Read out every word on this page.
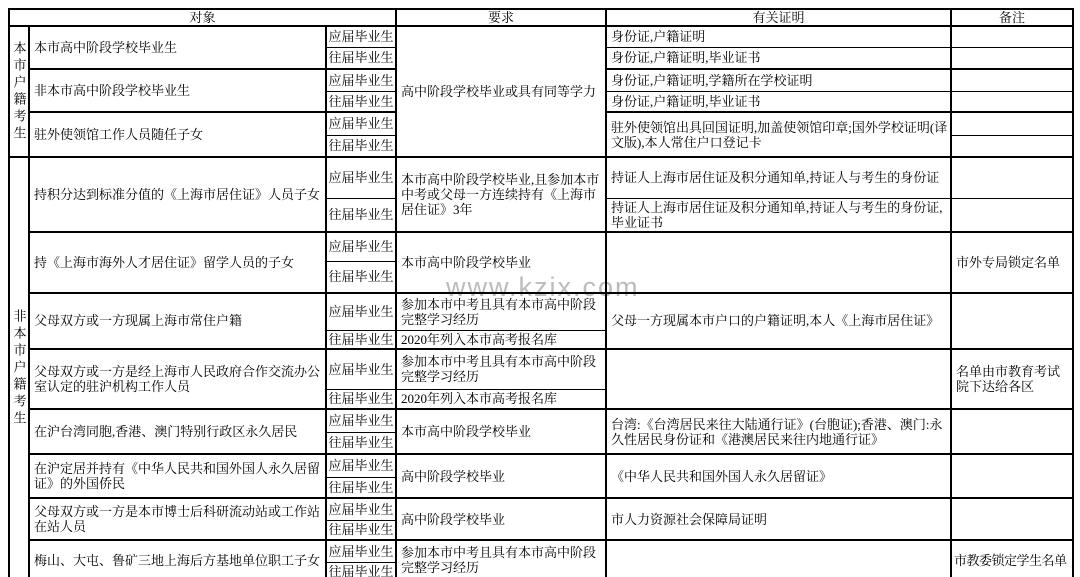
www.kzix.com
对象			要求	有关证明	备注
本市户籍考生	本市高中阶段学校毕业生	应届毕业生	高中阶段学校毕业或具有同等学力	身份证,户籍证明	
		往届毕业生		身份证,户籍证明,毕业证书	
	非本市高中阶段学校毕业生	应届毕业生		身份证,户籍证明,学籍所在学校证明	
		往届毕业生		身份证,户籍证明,毕业证书	
	驻外使领馆工作人员随任子女	应届毕业生		驻外使领馆出具回国证明,加盖使领馆印章;国外学校证明(译文版),本人常住户口登记卡	
		往届毕业生			
非本市户籍考生	持积分达到标准分值的《上海市居住证》人员子女	应届毕业生	本市高中阶段学校毕业,且参加本市中考或父母一方连续持有《上海市居住证》3年	持证人上海市居住证及积分通知单,持证人与考生的身份证	
		往届毕业生		持证人上海市居住证及积分通知单,持证人与考生的身份证,毕业证书	
	持《上海市海外人才居住证》留学人员的子女	应届毕业生	本市高中阶段学校毕业		市外专局锁定名单
		往届毕业生			
	父母双方或一方现属上海市常住户籍	应届毕业生	参加本市中考且具有本市高中阶段完整学习经历	父母一方现属本市户口的户籍证明,本人《上海市居住证》	
		往届毕业生	2020年列入本市高考报名库		
	父母双方或一方是经上海市人民政府合作交流办公室认定的驻沪机构工作人员	应届毕业生	参加本市中考且具有本市高中阶段完整学习经历		名单由市教育考试院下达给各区
		往届毕业生	2020年列入本市高考报名库		
	在沪台湾同胞,香港、澳门特别行政区永久居民	应届毕业生	本市高中阶段学校毕业	台湾:《台湾居民来往大陆通行证》(台胞证);香港、澳门:永久性居民身份证和《港澳居民来往内地通行证》	
		往届毕业生			
	在沪定居并持有《中华人民共和国外国人永久居留证》的外国侨民	应届毕业生	高中阶段学校毕业	《中华人民共和国外国人永久居留证》	
		往届毕业生			
	父母双方或一方是本市博士后科研流动站或工作站在站人员	应届毕业生	高中阶段学校毕业	市人力资源社会保障局证明	
		往届毕业生			
	梅山、大屯、鲁矿三地上海后方基地单位职工子女	应届毕业生	参加本市中考且具有本市高中阶段完整学习经历		市教委锁定学生名单
		往届毕业生			
